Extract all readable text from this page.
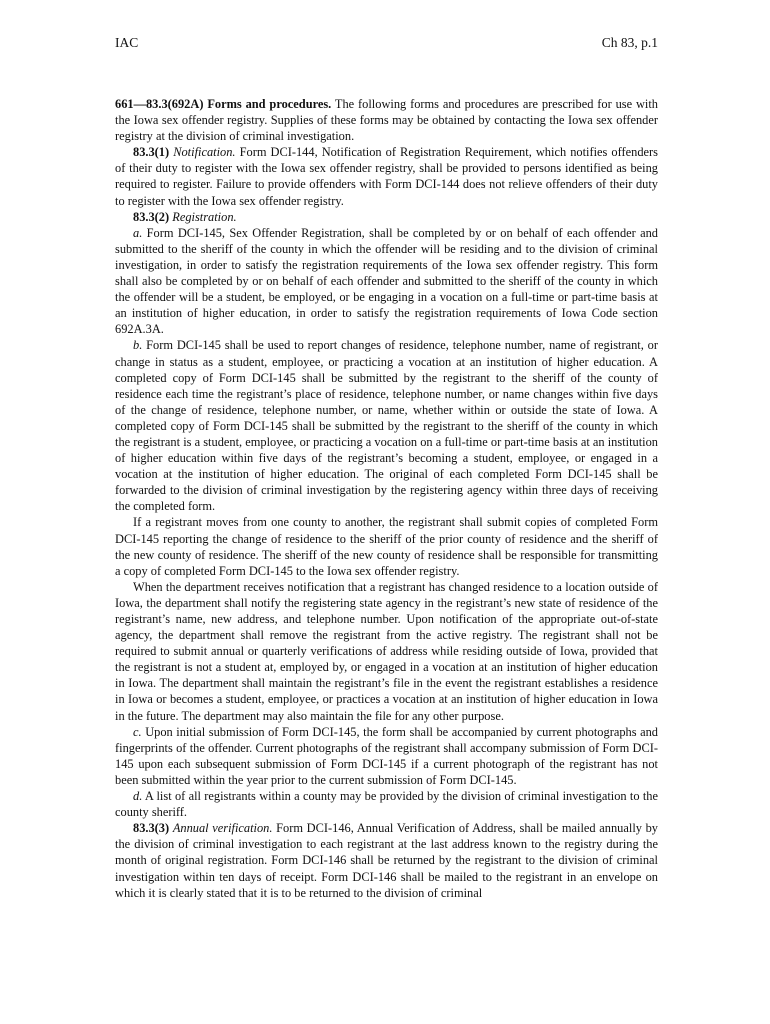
IAC	Ch 83, p.1

661—83.3(692A) Forms and procedures. The following forms and procedures are prescribed for use with the Iowa sex offender registry. Supplies of these forms may be obtained by contacting the Iowa sex offender registry at the division of criminal investigation.

83.3(1) Notification. Form DCI-144, Notification of Registration Requirement, which notifies offenders of their duty to register with the Iowa sex offender registry, shall be provided to persons identified as being required to register. Failure to provide offenders with Form DCI-144 does not relieve offenders of their duty to register with the Iowa sex offender registry.

83.3(2) Registration.

a. Form DCI-145, Sex Offender Registration, shall be completed by or on behalf of each offender and submitted to the sheriff of the county in which the offender will be residing and to the division of criminal investigation, in order to satisfy the registration requirements of the Iowa sex offender registry. This form shall also be completed by or on behalf of each offender and submitted to the sheriff of the county in which the offender will be a student, be employed, or be engaging in a vocation on a full-time or part-time basis at an institution of higher education, in order to satisfy the registration requirements of Iowa Code section 692A.3A.

b. Form DCI-145 shall be used to report changes of residence, telephone number, name of registrant, or change in status as a student, employee, or practicing a vocation at an institution of higher education. A completed copy of Form DCI-145 shall be submitted by the registrant to the sheriff of the county of residence each time the registrant’s place of residence, telephone number, or name changes within five days of the change of residence, telephone number, or name, whether within or outside the state of Iowa. A completed copy of Form DCI-145 shall be submitted by the registrant to the sheriff of the county in which the registrant is a student, employee, or practicing a vocation on a full-time or part-time basis at an institution of higher education within five days of the registrant’s becoming a student, employee, or engaged in a vocation at the institution of higher education. The original of each completed Form DCI-145 shall be forwarded to the division of criminal investigation by the registering agency within three days of receiving the completed form.

If a registrant moves from one county to another, the registrant shall submit copies of completed Form DCI-145 reporting the change of residence to the sheriff of the prior county of residence and the sheriff of the new county of residence. The sheriff of the new county of residence shall be responsible for transmitting a copy of completed Form DCI-145 to the Iowa sex offender registry.

When the department receives notification that a registrant has changed residence to a location outside of Iowa, the department shall notify the registering state agency in the registrant’s new state of residence of the registrant’s name, new address, and telephone number. Upon notification of the appropriate out-of-state agency, the department shall remove the registrant from the active registry. The registrant shall not be required to submit annual or quarterly verifications of address while residing outside of Iowa, provided that the registrant is not a student at, employed by, or engaged in a vocation at an institution of higher education in Iowa. The department shall maintain the registrant’s file in the event the registrant establishes a residence in Iowa or becomes a student, employee, or practices a vocation at an institution of higher education in Iowa in the future. The department may also maintain the file for any other purpose.

c. Upon initial submission of Form DCI-145, the form shall be accompanied by current photographs and fingerprints of the offender. Current photographs of the registrant shall accompany submission of Form DCI-145 upon each subsequent submission of Form DCI-145 if a current photograph of the registrant has not been submitted within the year prior to the current submission of Form DCI-145.

d. A list of all registrants within a county may be provided by the division of criminal investigation to the county sheriff.

83.3(3) Annual verification. Form DCI-146, Annual Verification of Address, shall be mailed annually by the division of criminal investigation to each registrant at the last address known to the registry during the month of original registration. Form DCI-146 shall be returned by the registrant to the division of criminal investigation within ten days of receipt. Form DCI-146 shall be mailed to the registrant in an envelope on which it is clearly stated that it is to be returned to the division of criminal
